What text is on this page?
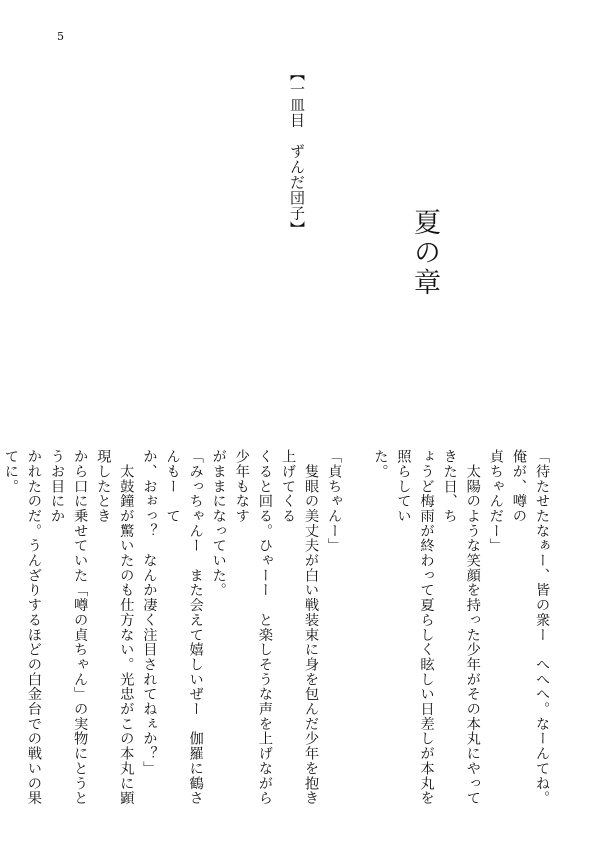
5
【一皿目　ずんだ団子】
夏の章
「待たせたなぁー、皆の衆ー　へへへ。なーんてね。俺が、噂の
貞ちゃんだー」
　太陽のような笑顔を持った少年がその本丸にやってきた日、ち
ょうど梅雨が終わって夏らしく眩しい日差しが本丸を照らしてい
た。

「貞ちゃんー」
　隻眼の美丈夫が白い戦装束に身を包んだ少年を抱き上げてくる
くると回る。ひゃーー　と楽しそうな声を上げながら少年もなす
がままになっていた。
「みっちゃんー　また会えて嬉しいぜー　伽羅に鶴さんもー　て
か、おぉっ？　なんか凄く注目されてねぇか？」
　太鼓鐘が驚いたのも仕方ない。光忠がこの本丸に顕現したとき
から口に乗せていた「噂の貞ちゃん」の実物にとうとうお目にか
かれたのだ。うんざりするほどの白金台での戦いの果てに。
